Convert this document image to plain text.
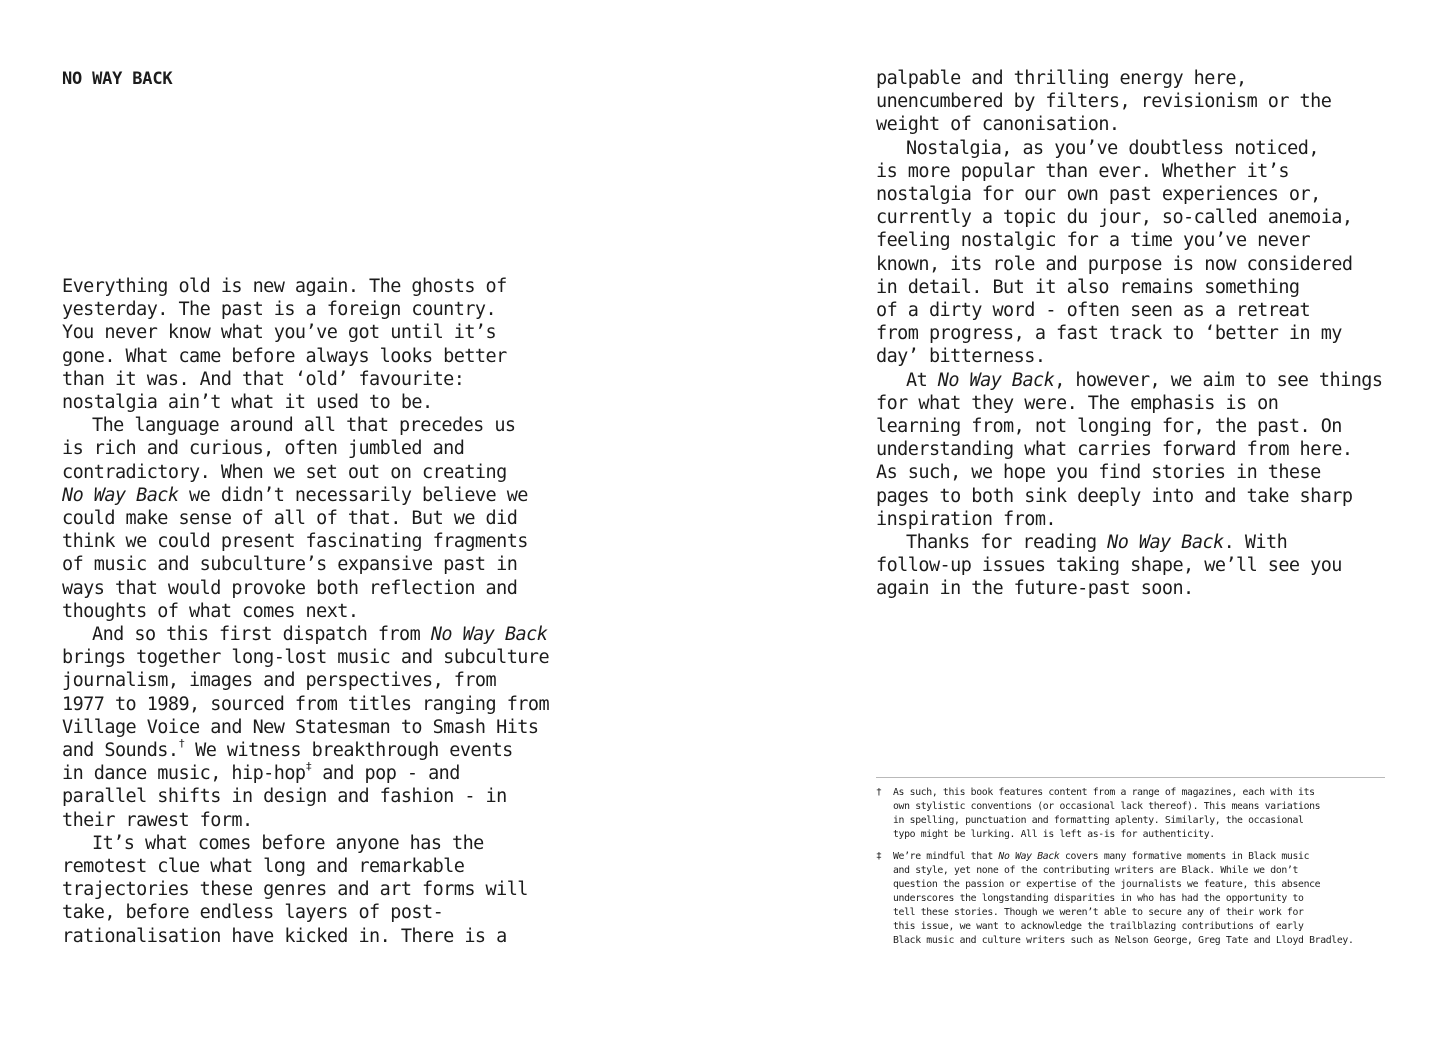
NO WAY BACK
Everything old is new again. The ghosts of
yesterday. The past is a foreign country.
You never know what you’ve got until it’s
gone. What came before always looks better
than it was. And that ‘old’ favourite:
nostalgia ain’t what it used to be.
The language around all that precedes us
is rich and curious, often jumbled and
contradictory. When we set out on creating
No Way Back we didn’t necessarily believe we
could make sense of all of that. But we did
think we could present fascinating fragments
of music and subculture’s expansive past in
ways that would provoke both reflection and
thoughts of what comes next.
And so this first dispatch from No Way Back
brings together long-lost music and subculture
journalism, images and perspectives, from
1977 to 1989, sourced from titles ranging from
Village Voice and New Statesman to Smash Hits
and Sounds.† We witness breakthrough events
in dance music, hip-hop‡ and pop - and
parallel shifts in design and fashion - in
their rawest form.
It’s what comes before anyone has the
remotest clue what long and remarkable
trajectories these genres and art forms will
take, before endless layers of post-
rationalisation have kicked in. There is a
palpable and thrilling energy here,
unencumbered by filters, revisionism or the
weight of canonisation.
Nostalgia, as you’ve doubtless noticed,
is more popular than ever. Whether it’s
nostalgia for our own past experiences or,
currently a topic du jour, so-called anemoia,
feeling nostalgic for a time you’ve never
known, its role and purpose is now considered
in detail. But it also remains something
of a dirty word - often seen as a retreat
from progress, a fast track to ‘better in my
day’ bitterness.
At No Way Back, however, we aim to see things
for what they were. The emphasis is on
learning from, not longing for, the past. On
understanding what carries forward from here.
As such, we hope you find stories in these
pages to both sink deeply into and take sharp
inspiration from.
Thanks for reading No Way Back. With
follow-up issues taking shape, we’ll see you
again in the future-past soon.
† As such, this book features content from a range of magazines, each with its
own stylistic conventions (or occasional lack thereof). This means variations
in spelling, punctuation and formatting aplenty. Similarly, the occasional
typo might be lurking. All is left as-is for authenticity.
‡ We’re mindful that No Way Back covers many formative moments in Black music
and style, yet none of the contributing writers are Black. While we don’t
question the passion or expertise of the journalists we feature, this absence
underscores the longstanding disparities in who has had the opportunity to
tell these stories. Though we weren’t able to secure any of their work for
this issue, we want to acknowledge the trailblazing contributions of early
Black music and culture writers such as Nelson George, Greg Tate and Lloyd Bradley.
